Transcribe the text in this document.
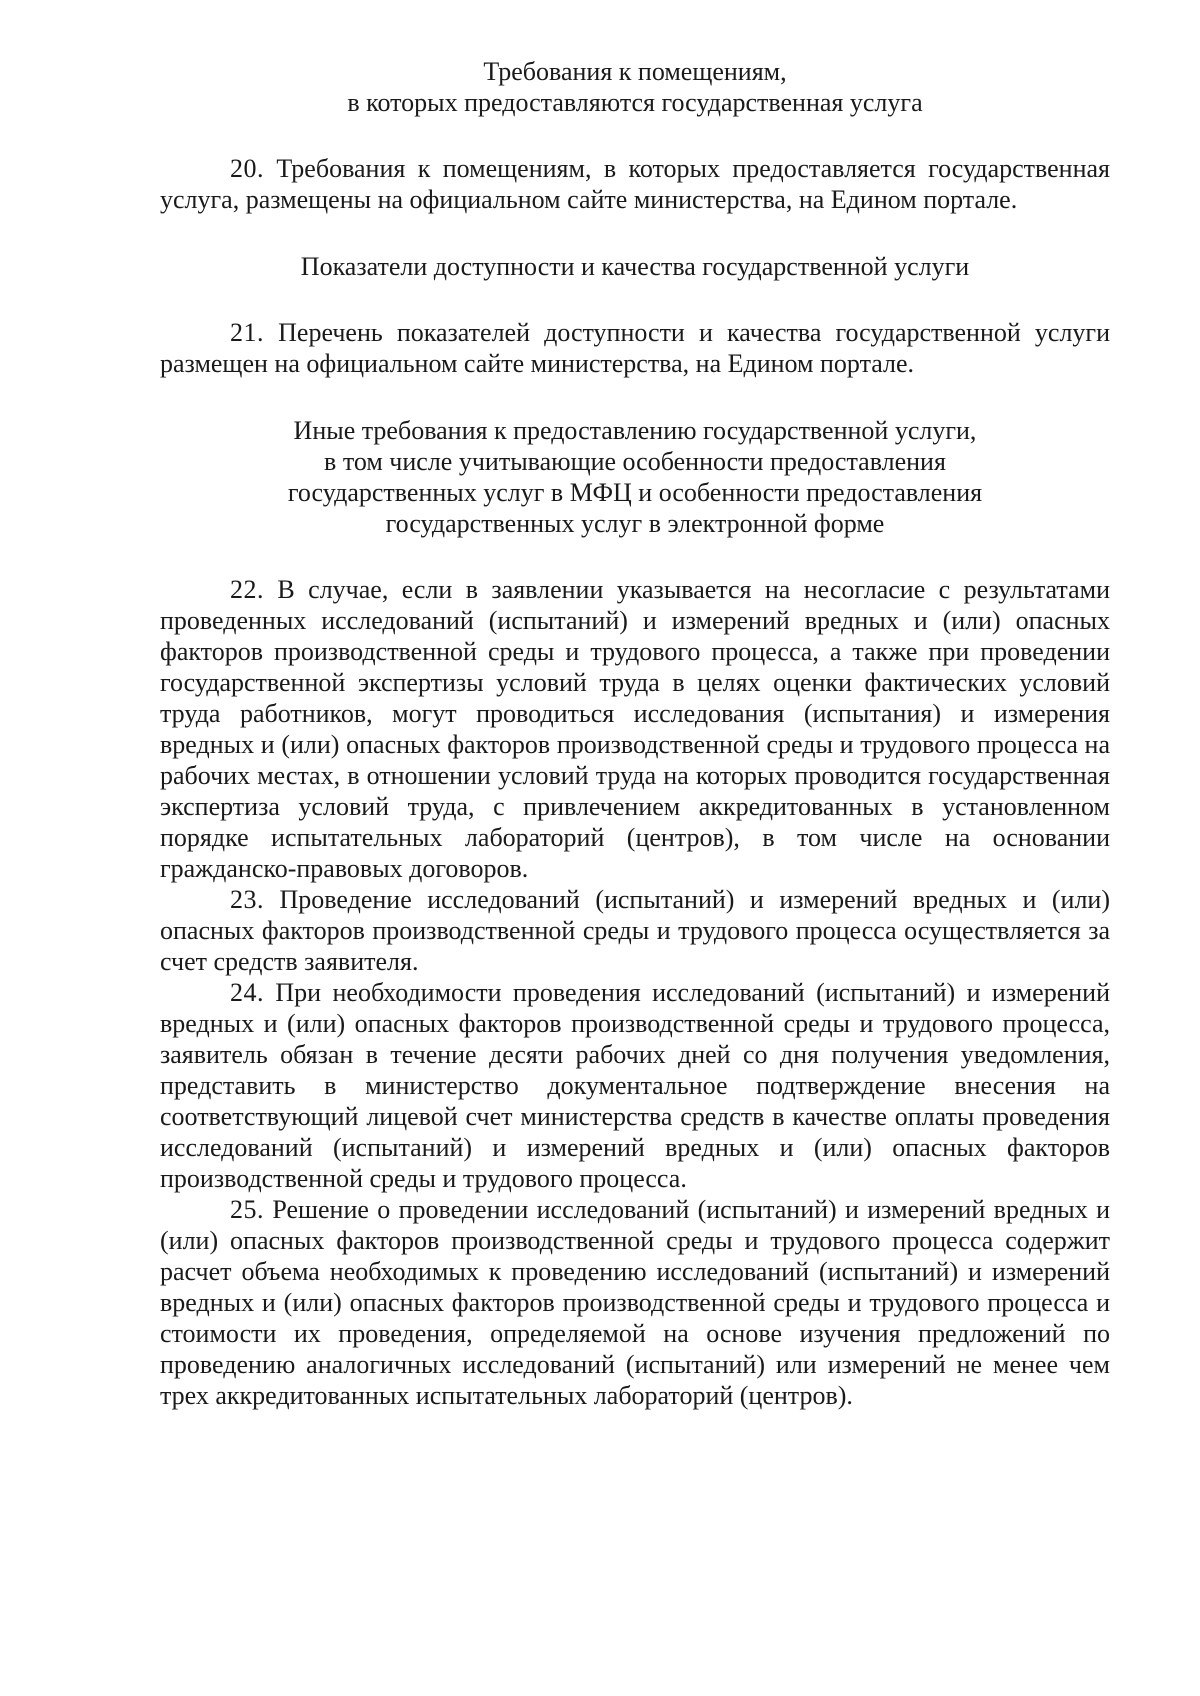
Требования к помещениям,
в которых предоставляются государственная услуга

20. Требования к помещениям, в которых предоставляется государственная услуга, размещены на официальном сайте министерства, на Едином портале.

Показатели доступности и качества государственной услуги

21. Перечень показателей доступности и качества государственной услуги размещен на официальном сайте министерства, на Едином портале.

Иные требования к предоставлению государственной услуги,
в том числе учитывающие особенности предоставления
государственных услуг в МФЦ и особенности предоставления
государственных услуг в электронной форме

22. В случае, если в заявлении указывается на несогласие с результатами проведенных исследований (испытаний) и измерений вредных и (или) опасных факторов производственной среды и трудового процесса, а также при проведении государственной экспертизы условий труда в целях оценки фактических условий труда работников, могут проводиться исследования (испытания) и измерения вредных и (или) опасных факторов производственной среды и трудового процесса на рабочих местах, в отношении условий труда на которых проводится государственная экспертиза условий труда, с привлечением аккредитованных в установленном порядке испытательных лабораторий (центров), в том числе на основании гражданско-правовых договоров.

23. Проведение исследований (испытаний) и измерений вредных и (или) опасных факторов производственной среды и трудового процесса осуществляется за счет средств заявителя.

24. При необходимости проведения исследований (испытаний) и измерений вредных и (или) опасных факторов производственной среды и трудового процесса, заявитель обязан в течение десяти рабочих дней со дня получения уведомления, представить в министерство документальное подтверждение внесения на соответствующий лицевой счет министерства средств в качестве оплаты проведения исследований (испытаний) и измерений вредных и (или) опасных факторов производственной среды и трудового процесса.

25. Решение о проведении исследований (испытаний) и измерений вредных и (или) опасных факторов производственной среды и трудового процесса содержит расчет объема необходимых к проведению исследований (испытаний) и измерений вредных и (или) опасных факторов производственной среды и трудового процесса и стоимости их проведения, определяемой на основе изучения предложений по проведению аналогичных исследований (испытаний) или измерений не менее чем трех аккредитованных испытательных лабораторий (центров).
